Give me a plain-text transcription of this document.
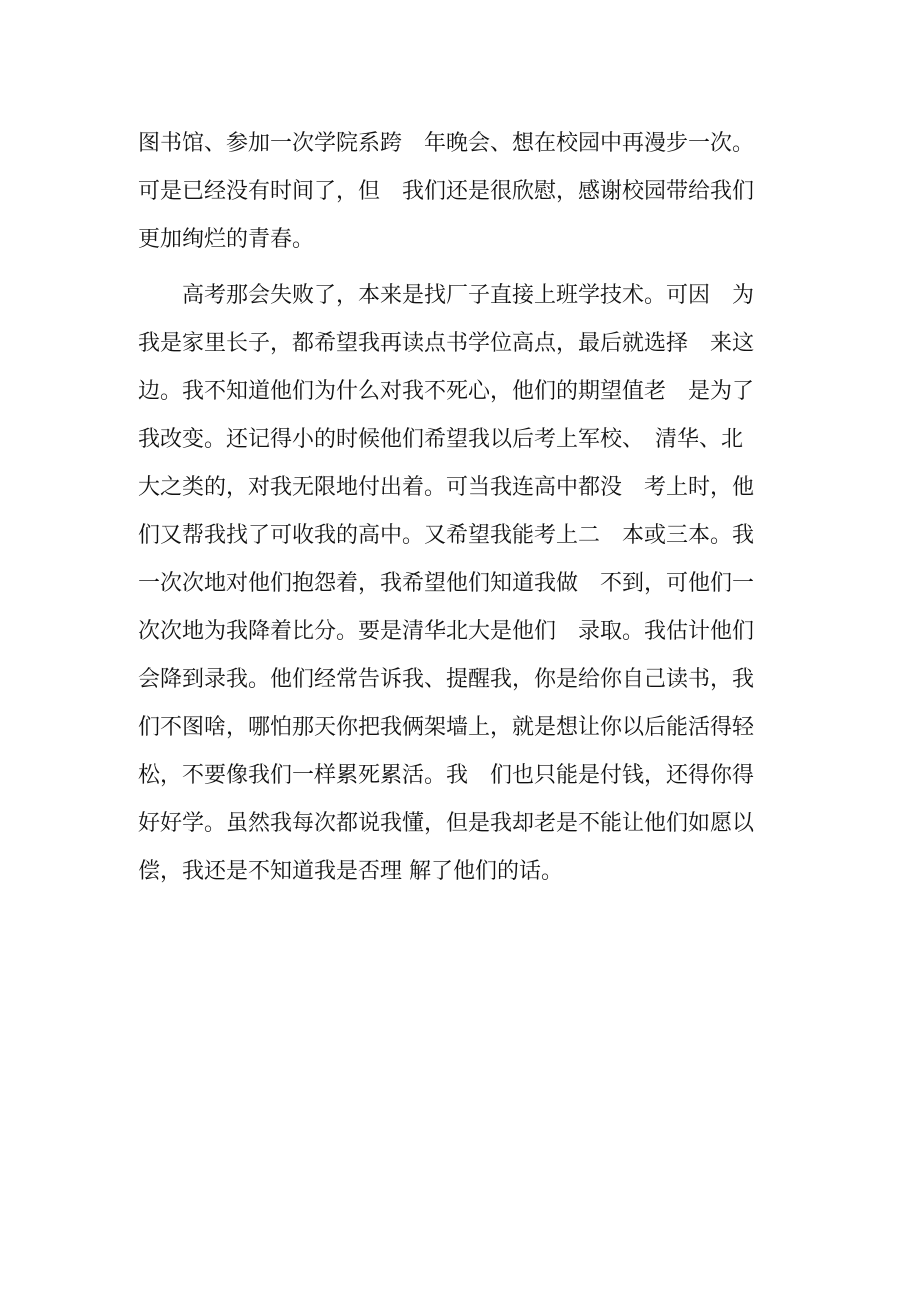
图书馆、参加一次学院系跨　年晚会、想在校园中再漫步一次。
可是已经没有时间了，但　我们还是很欣慰，感谢校园带给我们
更加绚烂的青春。
　　高考那会失败了，本来是找厂子直接上班学技术。可因　为
我是家里长子，都希望我再读点书学位高点，最后就选择　来这
边。我不知道他们为什么对我不死心，他们的期望值老　是为了
我改变。还记得小的时候他们希望我以后考上军校、　清华、北
大之类的，对我无限地付出着。可当我连高中都没　考上时，他
们又帮我找了可收我的高中。又希望我能考上二　本或三本。我
一次次地对他们抱怨着，我希望他们知道我做　不到，可他们一
次次地为我降着比分。要是清华北大是他们　录取。我估计他们
会降到录我。他们经常告诉我、提醒我，你是给你自己读书，我
们不图啥，哪怕那天你把我俩架墙上，就是想让你以后能活得轻
松，不要像我们一样累死累活。我　们也只能是付钱，还得你得
好好学。虽然我每次都说我懂，但是我却老是不能让他们如愿以
偿，我还是不知道我是否理 解了他们的话。
